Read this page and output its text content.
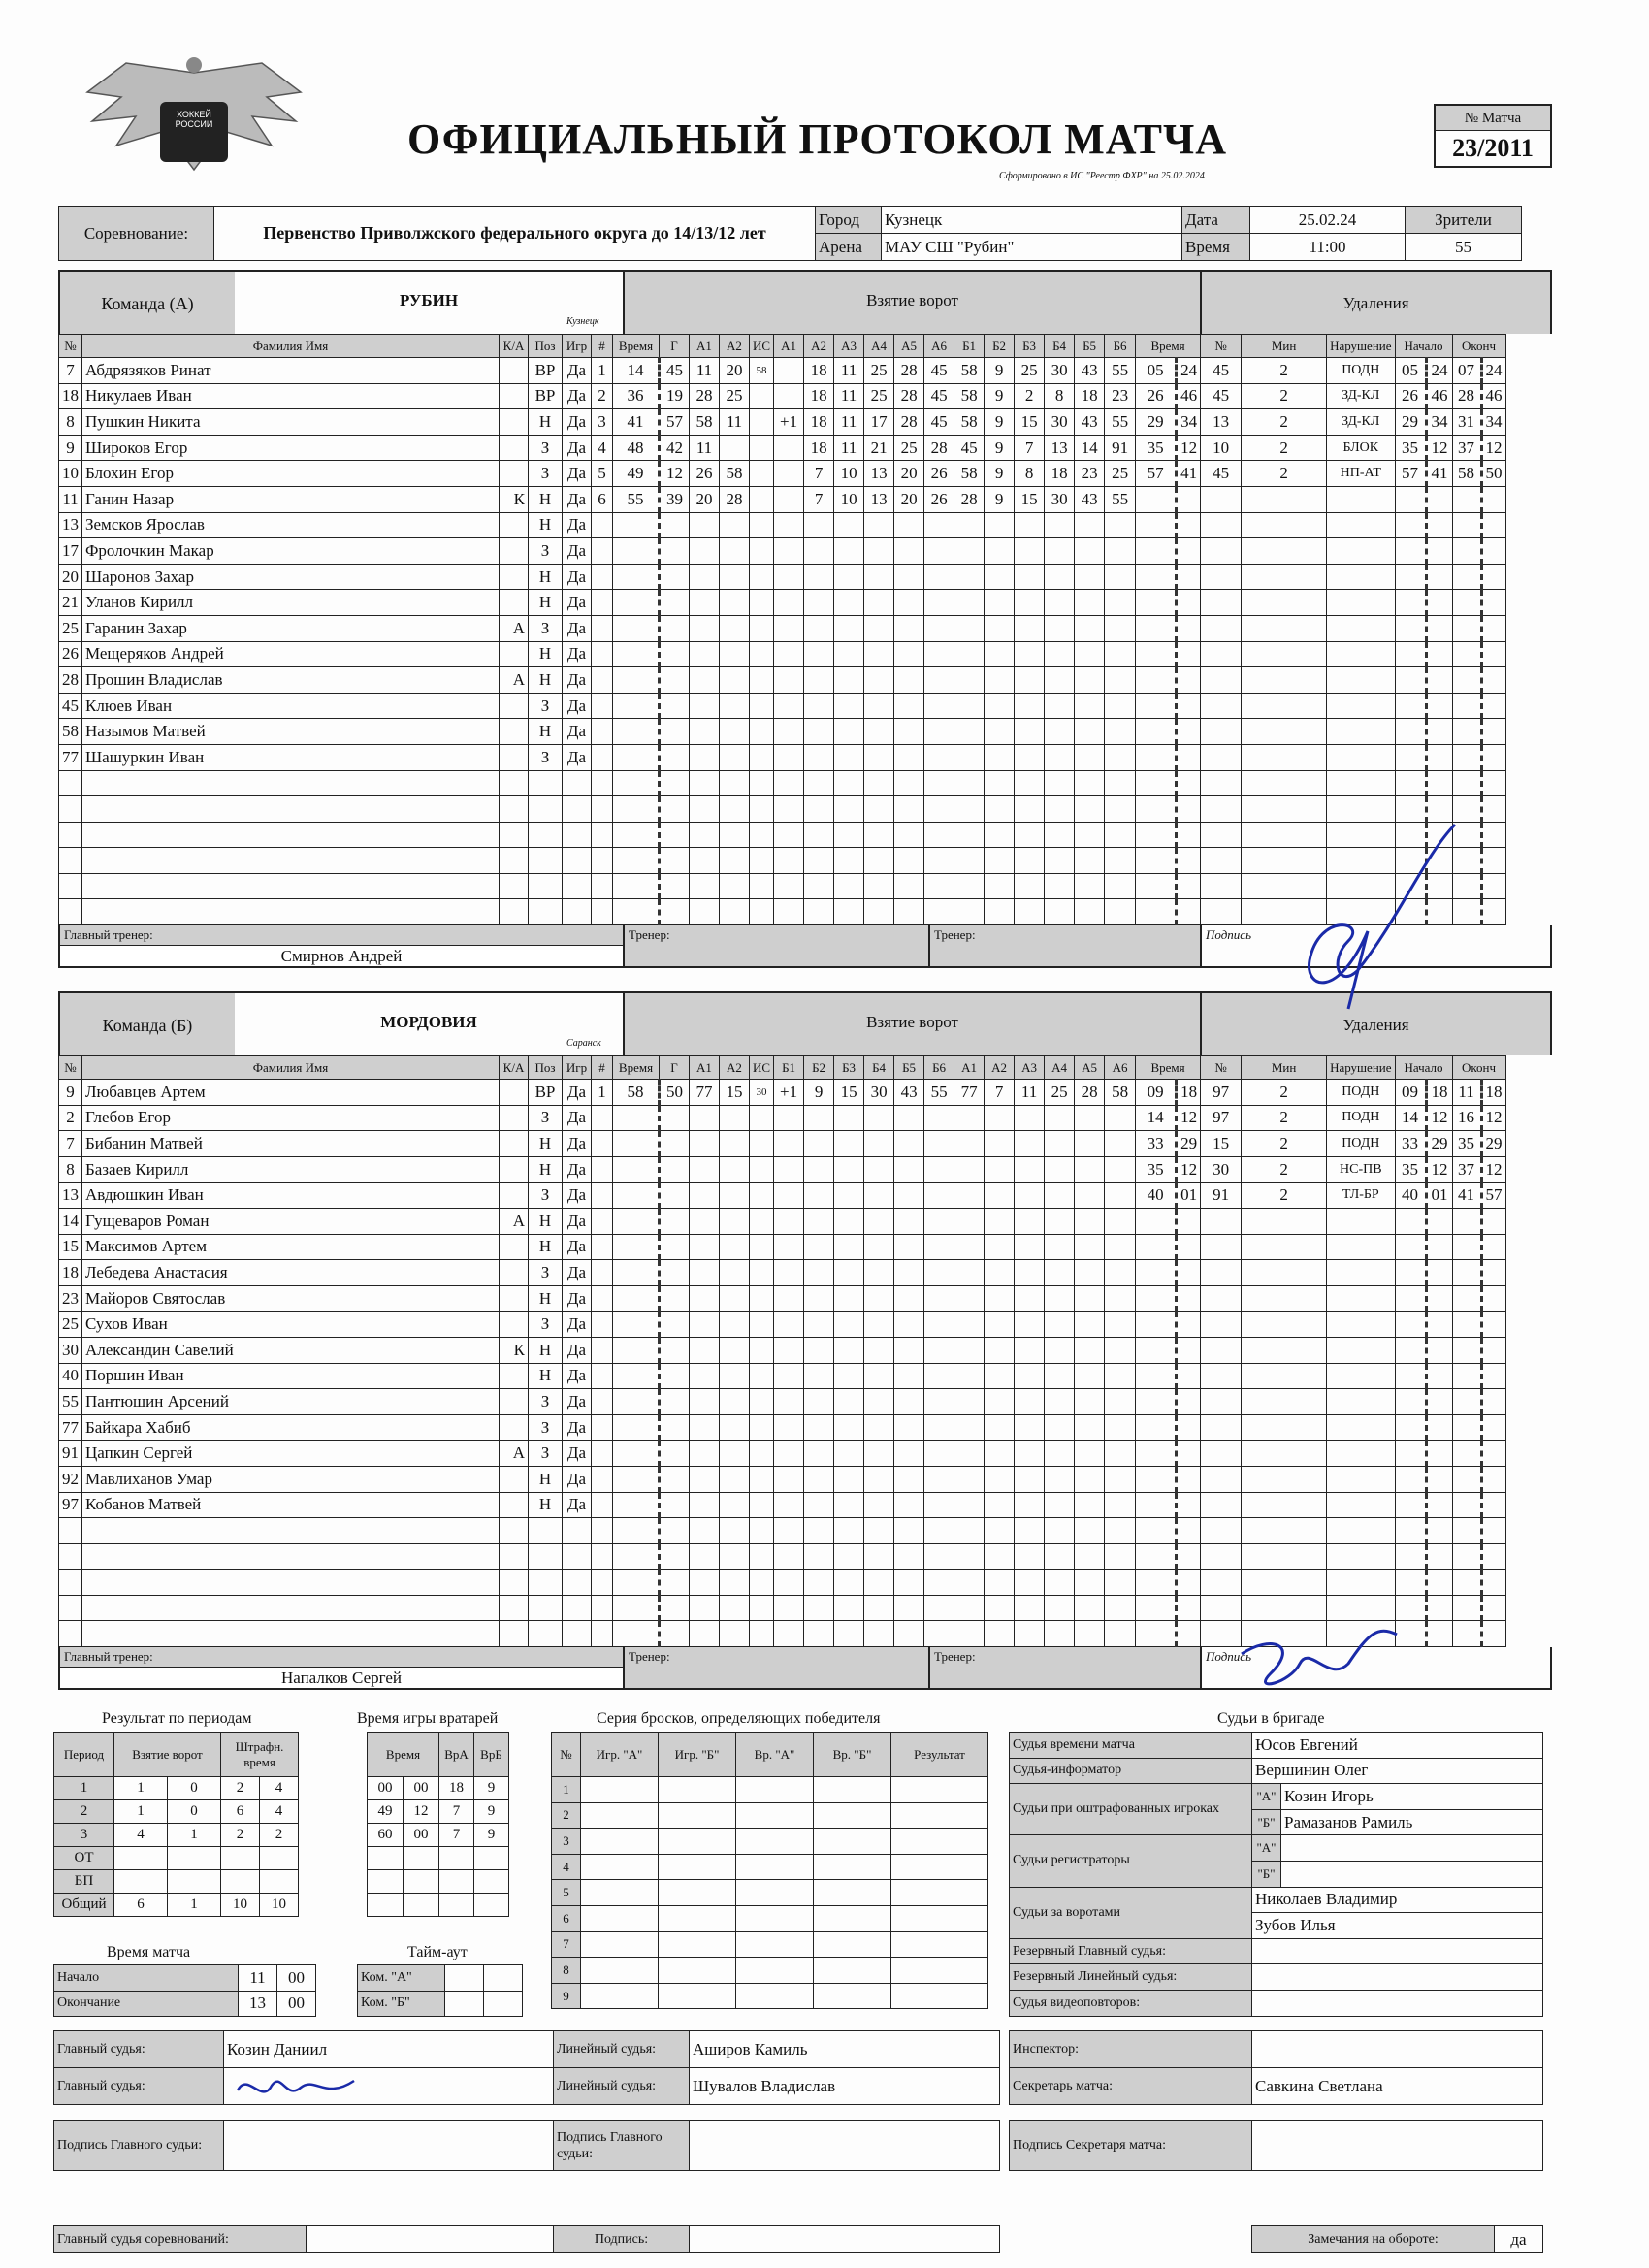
ХОККЕЙ РОССИИ	ОФИЦИАЛЬНЫЙ ПРОТОКОЛ МАТЧА
Сформировано в ИС "Реестр ФХР" на 25.02.2024
№ Матча
23/2011
Соревнование:	Первенство Приволжского федерального округа до 14/13/12 лет	Город	Кузнецк	Дата	25.02.24	Зрители
		Арена	МАУ СШ "Рубин"	Время	11:00	55
Команда (А)	РУБИН	Взятие ворот	Удаления
Кузнецк
№	Фамилия Имя	К/А	Поз	Игр	#	Время	Г	А1	А2	ИС	А1	А2	А3	А4	А5	А6	Б1	Б2	Б3	Б4	Б5	Б6	Время		№	Мин	Нарушение	Начало		Оконч	
7	Абдрязяков Ринат		ВР	Да	1	14	45	11	20	58		18	11	25	28	45	58	9	25	30	43	55	05	24	45	2	ПОДН	05	24	07	24
18	Никулаев Иван		ВР	Да	2	36	19	28	25			18	11	25	28	45	58	9	2	8	18	23	26	46	45	2	ЗД-КЛ	26	46	28	46
8	Пушкин Никита		Н	Да	3	41	57	58	11		+1	18	11	17	28	45	58	9	15	30	43	55	29	34	13	2	ЗД-КЛ	29	34	31	34
9	Широков Егор		З	Да	4	48	42	11				18	11	21	25	28	45	9	7	13	14	91	35	12	10	2	БЛОК	35	12	37	12
10	Блохин Егор		З	Да	5	49	12	26	58			7	10	13	20	26	58	9	8	18	23	25	57	41	45	2	НП-АТ	57	41	58	50
11	Ганин Назар	К	Н	Да	6	55	39	20	28			7	10	13	20	26	28	9	15	30	43	55									
13	Земсков Ярослав		Н	Да																											
17	Фролочкин Макар		З	Да																											
20	Шаронов Захар		Н	Да																											
21	Уланов Кирилл		Н	Да																											
25	Гаранин Захар	А	З	Да																											
26	Мещеряков Андрей		Н	Да																											
28	Прошин Владислав	А	Н	Да																											
45	Клюев Иван		З	Да																											
58	Назымов Матвей		Н	Да																											
77	Шашуркин Иван		З	Да																											

Главный тренер:
Смирнов Андрей
Тренер:	Тренер:	Подпись
Команда (Б)	МОРДОВИЯ	Взятие ворот	Удаления
Саранск
№	Фамилия Имя	К/А	Поз	Игр	#	Время	Г	А1	А2	ИС	Б1	Б2	Б3	Б4	Б5	Б6	А1	А2	А3	А4	А5	А6	Время		№	Мин	Нарушение	Начало		Оконч	
9	Любавцев Артем		ВР	Да	1	58	50	77	15	30	+1	9	15	30	43	55	77	7	11	25	28	58	09	18	97	2	ПОДН	09	18	11	18
2	Глебов Егор		З	Да																			14	12	97	2	ПОДН	14	12	16	12
7	Бибанин Матвей		Н	Да																			33	29	15	2	ПОДН	33	29	35	29
8	Базаев Кирилл		Н	Да																			35	12	30	2	НС-ПВ	35	12	37	12
13	Авдюшкин Иван		З	Да																			40	01	91	2	ТЛ-БР	40	01	41	57
14	Гущеваров Роман	А	Н	Да																											
15	Максимов Артем		Н	Да																											
18	Лебедева Анастасия		З	Да																											
23	Майоров Святослав		Н	Да																											
25	Сухов Иван		З	Да																											
30	Александин Савелий	К	Н	Да																											
40	Поршин Иван		Н	Да																											
55	Пантюшин Арсений		З	Да																											
77	Байкара Хабиб		З	Да																											
91	Цапкин Сергей	А	З	Да																											
92	Мавлиханов Умар		Н	Да																											
97	Кобанов Матвей		Н	Да																											

Главный тренер:
Напалков Сергей
Тренер:	Тренер:	Подпись
Результат по периодам
Период	Взятие ворот		Штрафн. время	
1	1	0	2	4
2	1	0	6	4
3	4	1	2	2
ОТ				
БП				
Общий	6	1	10	10
Время игры вратарей
Время		ВрА	ВрБ
00	00	18	9
49	12	7	9
60	00	7	9

Серия бросков, определяющих победителя
№	Игр. "А"	Игр. "Б"	Вр. "А"	Вр. "Б"	Результат
1					
2					
3					
4					
5					
6					
7					
8					
9					
Время матча
Начало	11	00
Окончание	13	00
Тайм-аут
Ком. "А"		
Ком. "Б"		
Судьи в бригаде
Судья времени матча	Юсов Евгений	
Судья-информатор	Вершинин Олег	
Судьи при оштрафованных игроках	"А"	Козин Игорь
	"Б"	Рамазанов Рамиль
Судьи регистраторы	"А"	
	"Б"	
Судьи за воротами	Николаев Владимир	
	Зубов Илья	
Резервный Главный судья:		
Резервный Линейный судья:		
Судья видеоповторов:		
Главный судья:	Козин Даниил	Линейный судья:	Аширов Камиль
Главный судья:		Линейный судья:	Шувалов Владислав
Инспектор:	
Секретарь матча:	Савкина Светлана
Подпись Главного судьи:		Подпись Главного судьи:	
Подпись Секретаря матча:	
Главный судья соревнований:		Подпись:		Замечания на обороте:	да
